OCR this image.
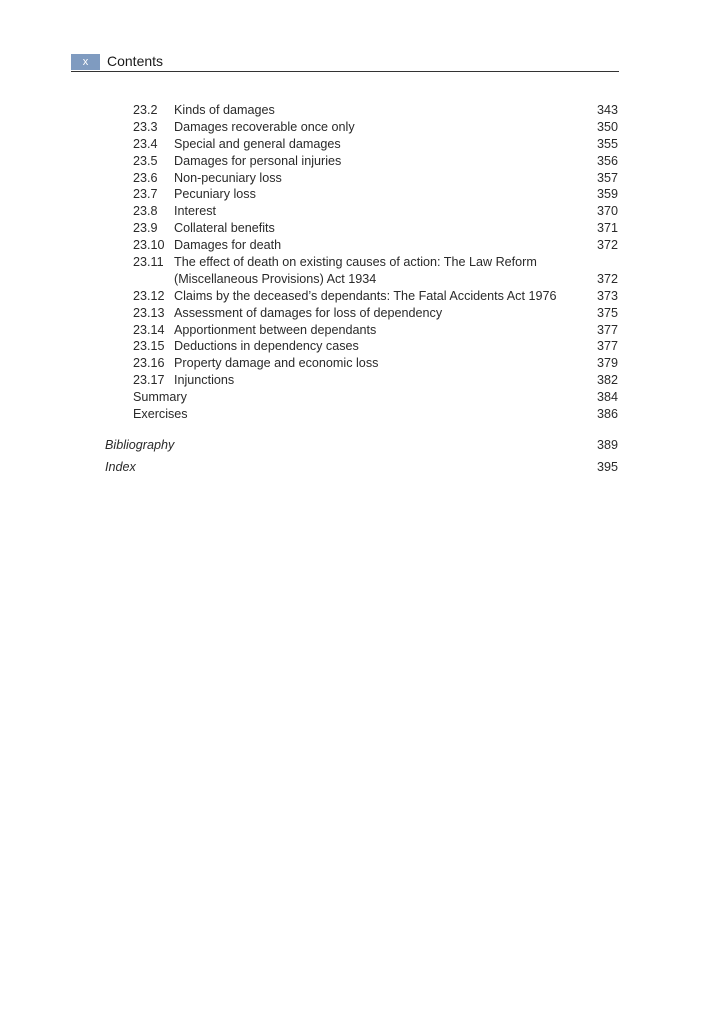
x	Contents
23.2 Kinds of damages	343
23.3 Damages recoverable once only	350
23.4 Special and general damages	355
23.5 Damages for personal injuries	356
23.6 Non-pecuniary loss	357
23.7 Pecuniary loss	359
23.8 Interest	370
23.9 Collateral benefits	371
23.10 Damages for death	372
23.11 The effect of death on existing causes of action: The Law Reform
(Miscellaneous Provisions) Act 1934	372
23.12 Claims by the deceased’s dependants: The Fatal Accidents Act 1976	373
23.13 Assessment of damages for loss of dependency	375
23.14 Apportionment between dependants	377
23.15 Deductions in dependency cases	377
23.16 Property damage and economic loss	379
23.17 Injunctions	382
Summary	384
Exercises	386
Bibliography	389
Index	395
